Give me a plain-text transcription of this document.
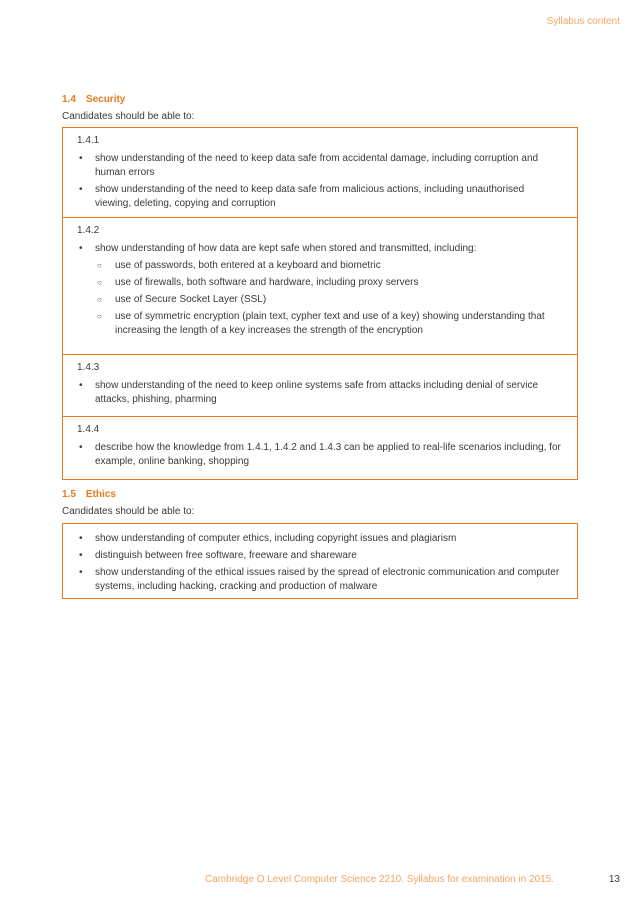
Syllabus content
1.4 Security
Candidates should be able to:
1.4.1
• show understanding of the need to keep data safe from accidental damage, including corruption and human errors
• show understanding of the need to keep data safe from malicious actions, including unauthorised viewing, deleting, copying and corruption
1.4.2
• show understanding of how data are kept safe when stored and transmitted, including:
○ use of passwords, both entered at a keyboard and biometric
○ use of firewalls, both software and hardware, including proxy servers
○ use of Secure Socket Layer (SSL)
○ use of symmetric encryption (plain text, cypher text and use of a key) showing understanding that increasing the length of a key increases the strength of the encryption
1.4.3
• show understanding of the need to keep online systems safe from attacks including denial of service attacks, phishing, pharming
1.4.4
• describe how the knowledge from 1.4.1, 1.4.2 and 1.4.3 can be applied to real-life scenarios including, for example, online banking, shopping
1.5 Ethics
Candidates should be able to:
• show understanding of computer ethics, including copyright issues and plagiarism
• distinguish between free software, freeware and shareware
• show understanding of the ethical issues raised by the spread of electronic communication and computer systems, including hacking, cracking and production of malware
Cambridge O Level Computer Science 2210. Syllabus for examination in 2015.	13
